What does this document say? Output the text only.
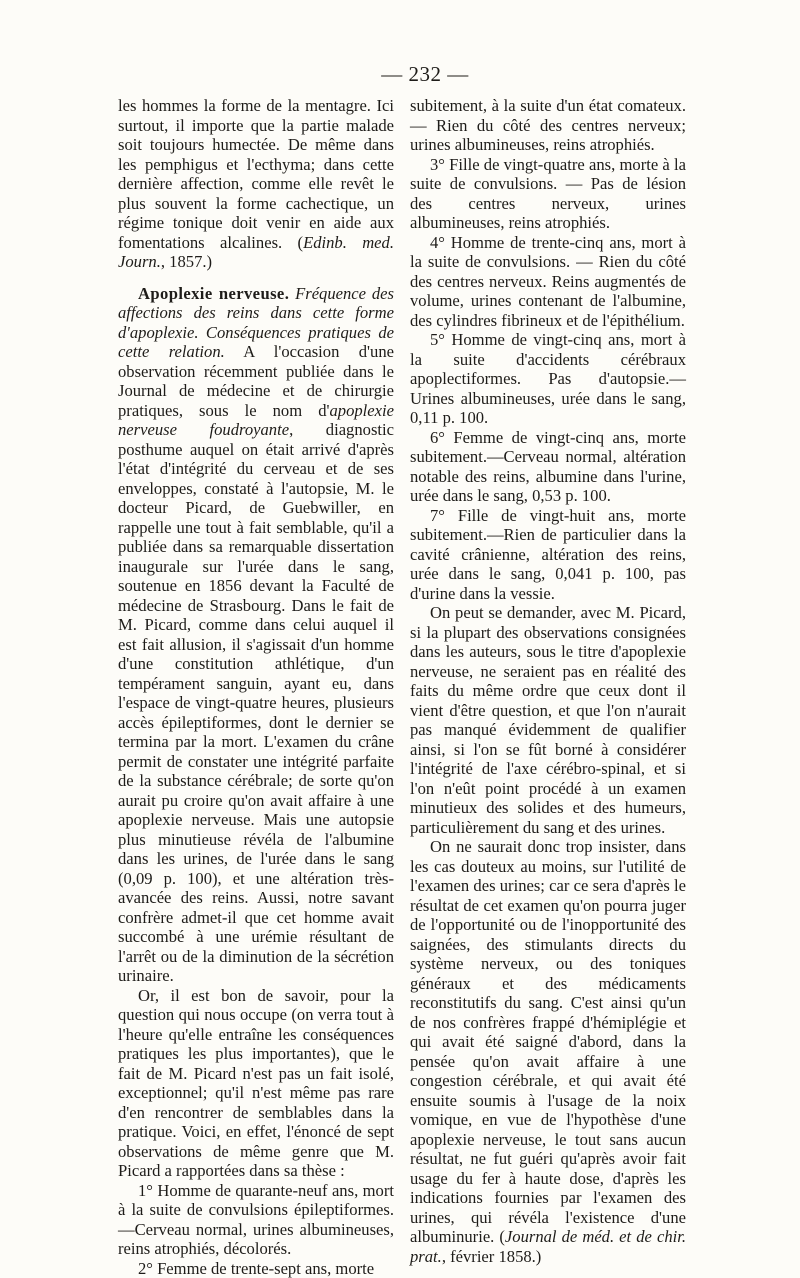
— 232 —

les hommes la forme de la mentagre. Ici surtout, il importe que la partie malade soit toujours humectée. De même dans les pemphigus et l'ecthyma; dans cette dernière affection, comme elle revêt le plus souvent la forme cachectique, un régime tonique doit venir en aide aux fomentations alcalines. (Edinb. med. Journ., 1857.)

Apoplexie nerveuse. Fréquence des affections des reins dans cette forme d'apoplexie. Conséquences pratiques de cette relation. A l'occasion d'une observation récemment publiée dans le Journal de médecine et de chirurgie pratiques, sous le nom d'apoplexie nerveuse foudroyante, diagnostic posthume auquel on était arrivé d'après l'état d'intégrité du cerveau et de ses enveloppes, constaté à l'autopsie, M. le docteur Picard, de Guebwiller, en rappelle une tout à fait semblable, qu'il a publiée dans sa remarquable dissertation inaugurale sur l'urée dans le sang, soutenue en 1856 devant la Faculté de médecine de Strasbourg. Dans le fait de M. Picard, comme dans celui auquel il est fait allusion, il s'agissait d'un homme d'une constitution athlétique, d'un tempérament sanguin, ayant eu, dans l'espace de vingt-quatre heures, plusieurs accès épileptiformes, dont le dernier se termina par la mort. L'examen du crâne permit de constater une intégrité parfaite de la substance cérébrale; de sorte qu'on aurait pu croire qu'on avait affaire à une apoplexie nerveuse. Mais une autopsie plus minutieuse révéla de l'albumine dans les urines, de l'urée dans le sang (0,09 p. 100), et une altération très-avancée des reins. Aussi, notre savant confrère admet-il que cet homme avait succombé à une urémie résultant de l'arrêt ou de la diminution de la sécrétion urinaire.

Or, il est bon de savoir, pour la question qui nous occupe (on verra tout à l'heure qu'elle entraîne les conséquences pratiques les plus importantes), que le fait de M. Picard n'est pas un fait isolé, exceptionnel; qu'il n'est même pas rare d'en rencontrer de semblables dans la pratique. Voici, en effet, l'énoncé de sept observations de même genre que M. Picard a rapportées dans sa thèse :

1° Homme de quarante-neuf ans, mort à la suite de convulsions épileptiformes.—Cerveau normal, urines albumineuses, reins atrophiés, décolorés.

2° Femme de trente-sept ans, morte

subitement, à la suite d'un état comateux. — Rien du côté des centres nerveux; urines albumineuses, reins atrophiés.

3° Fille de vingt-quatre ans, morte à la suite de convulsions. — Pas de lésion des centres nerveux, urines albumineuses, reins atrophiés.

4° Homme de trente-cinq ans, mort à la suite de convulsions. — Rien du côté des centres nerveux. Reins augmentés de volume, urines contenant de l'albumine, des cylindres fibrineux et de l'épithélium.

5° Homme de vingt-cinq ans, mort à la suite d'accidents cérébraux apoplectiformes. Pas d'autopsie.— Urines albumineuses, urée dans le sang, 0,11 p. 100.

6° Femme de vingt-cinq ans, morte subitement.—Cerveau normal, altération notable des reins, albumine dans l'urine, urée dans le sang, 0,53 p. 100.

7° Fille de vingt-huit ans, morte subitement.—Rien de particulier dans la cavité crânienne, altération des reins, urée dans le sang, 0,041 p. 100, pas d'urine dans la vessie.

On peut se demander, avec M. Picard, si la plupart des observations consignées dans les auteurs, sous le titre d'apoplexie nerveuse, ne seraient pas en réalité des faits du même ordre que ceux dont il vient d'être question, et que l'on n'aurait pas manqué évidemment de qualifier ainsi, si l'on se fût borné à considérer l'intégrité de l'axe cérébro-spinal, et si l'on n'eût point procédé à un examen minutieux des solides et des humeurs, particulièrement du sang et des urines.

On ne saurait donc trop insister, dans les cas douteux au moins, sur l'utilité de l'examen des urines; car ce sera d'après le résultat de cet examen qu'on pourra juger de l'opportunité ou de l'inopportunité des saignées, des stimulants directs du système nerveux, ou des toniques généraux et des médicaments reconstitutifs du sang. C'est ainsi qu'un de nos confrères frappé d'hémiplégie et qui avait été saigné d'abord, dans la pensée qu'on avait affaire à une congestion cérébrale, et qui avait été ensuite soumis à l'usage de la noix vomique, en vue de l'hypothèse d'une apoplexie nerveuse, le tout sans aucun résultat, ne fut guéri qu'après avoir fait usage du fer à haute dose, d'après les indications fournies par l'examen des urines, qui révéla l'existence d'une albuminurie. (Journal de méd. et de chir. prat., février 1858.)
